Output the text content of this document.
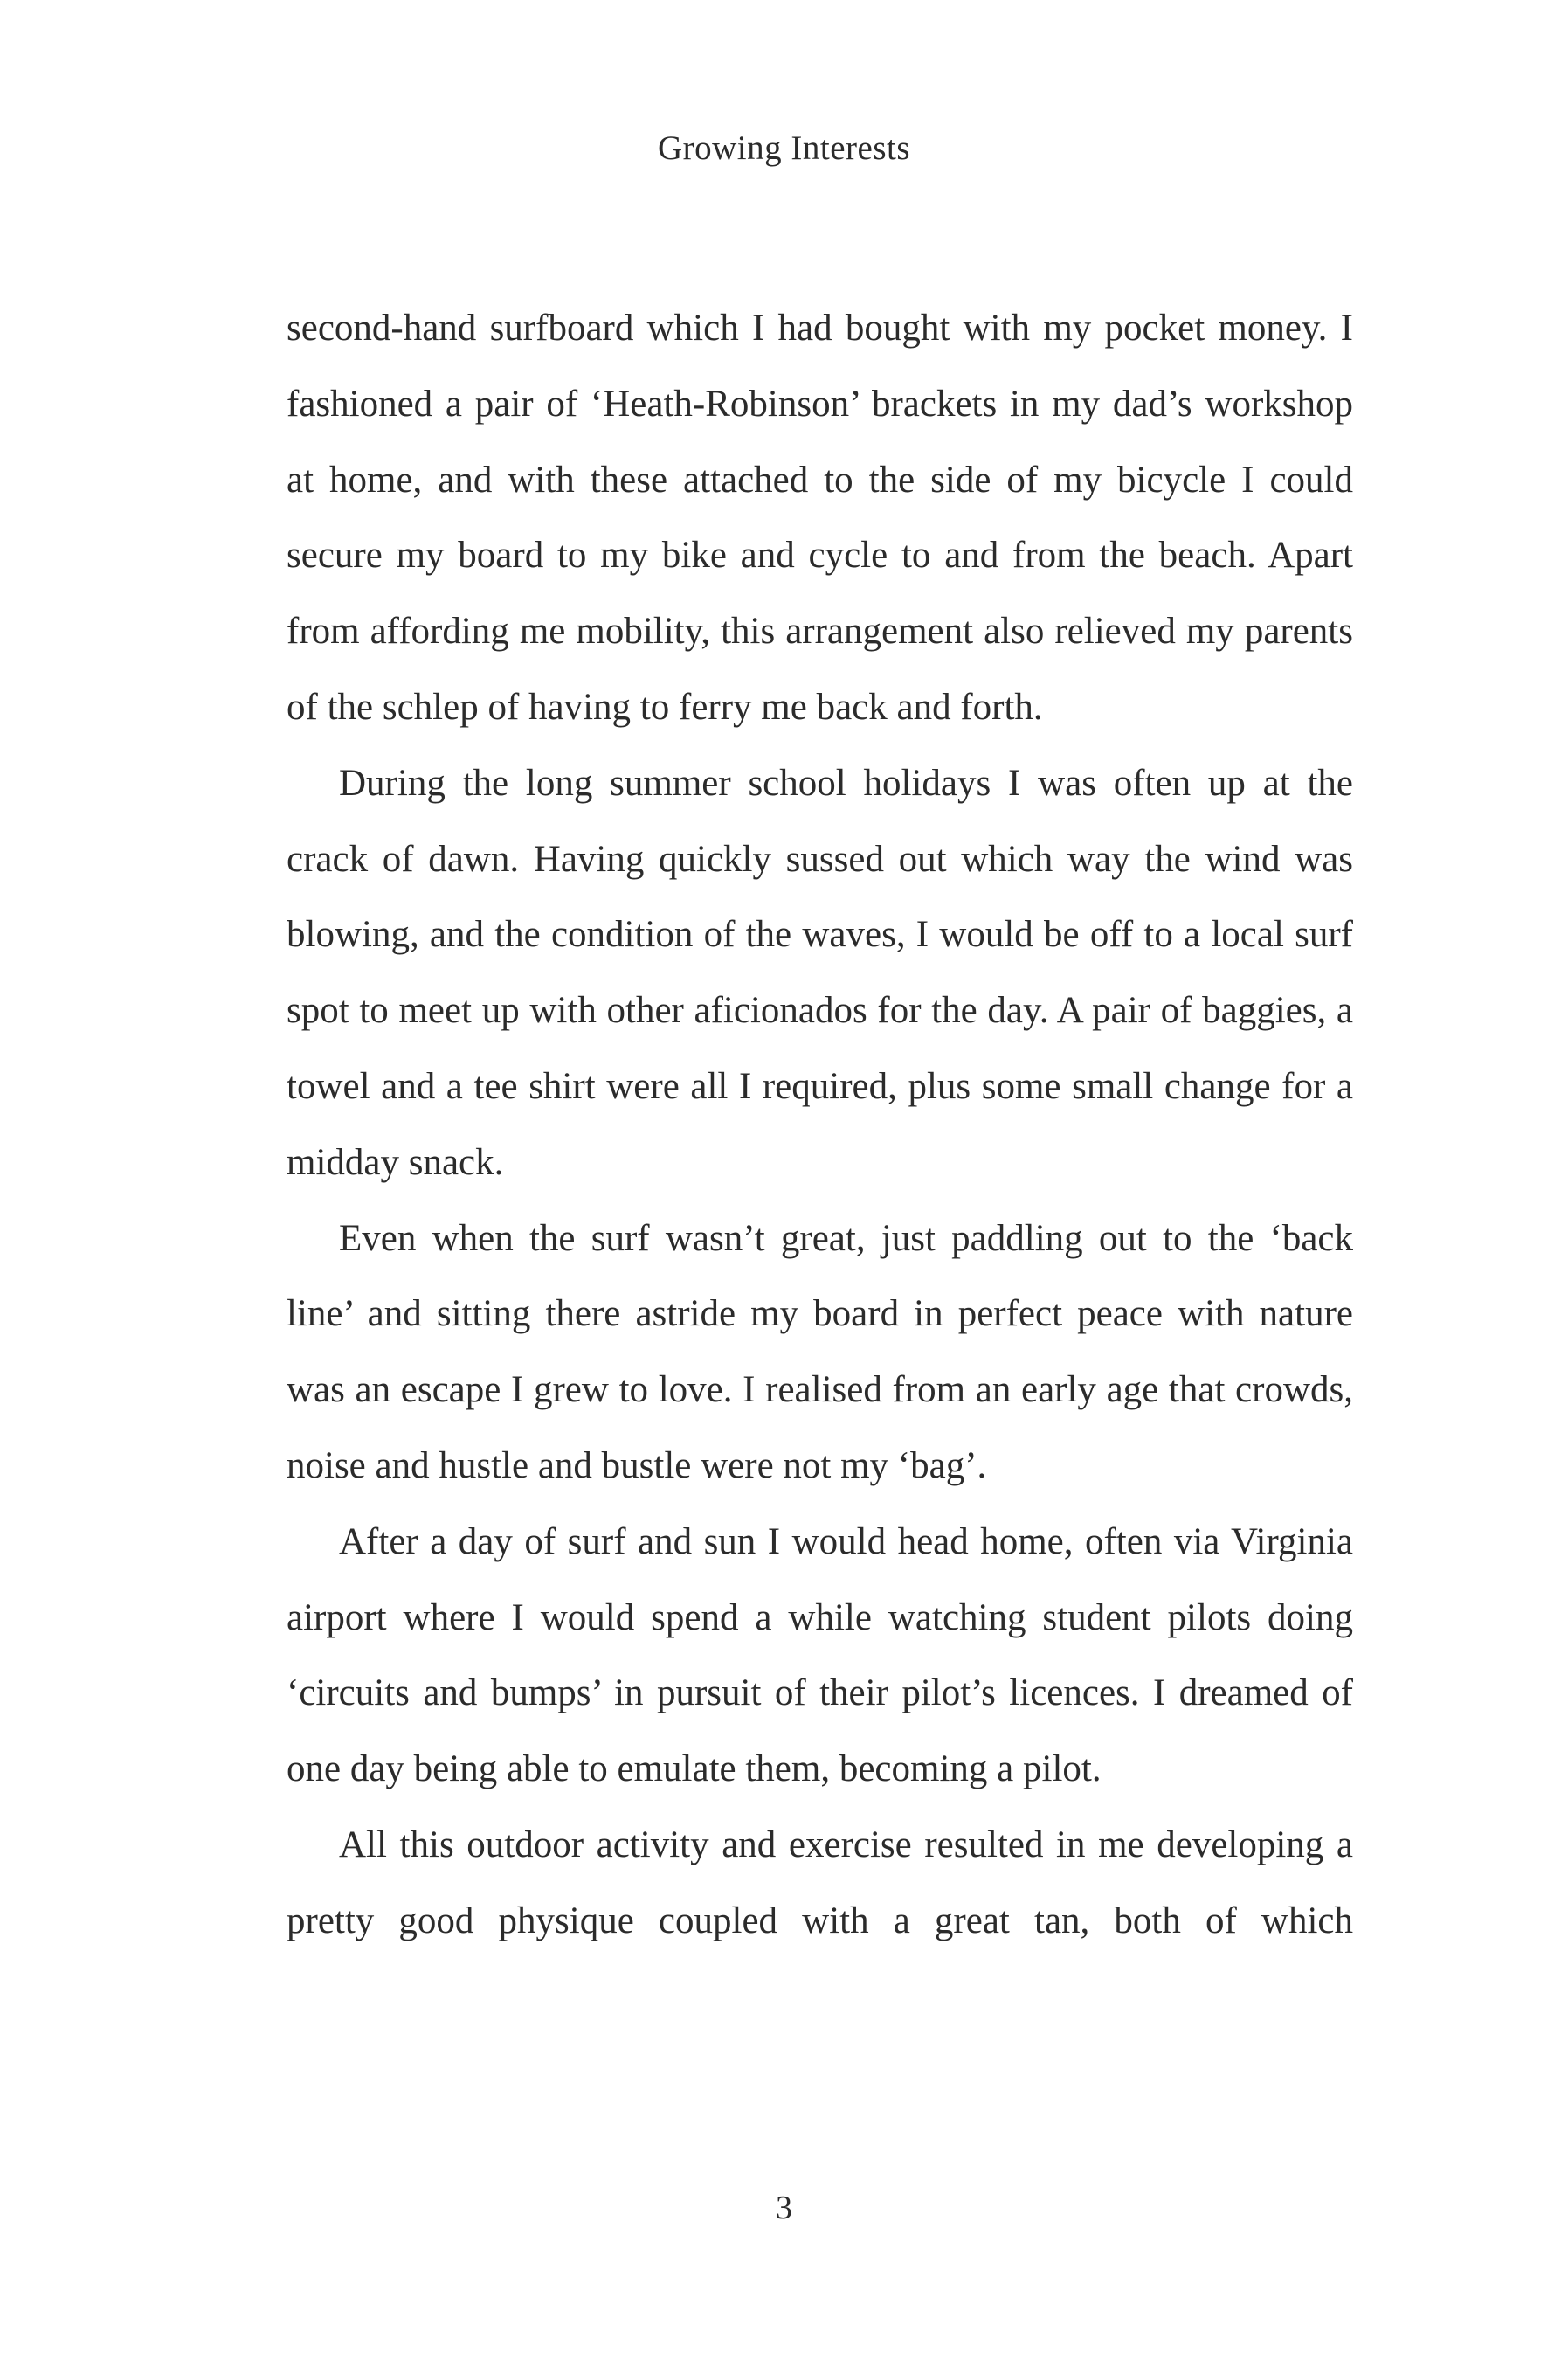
Growing Interests

second-hand surfboard which I had bought with my pocket money. I fashioned a pair of ‘Heath-Robinson’ brackets in my dad’s workshop at home, and with these attached to the side of my bicycle I could secure my board to my bike and cycle to and from the beach. Apart from affording me mobility, this arrangement also relieved my parents of the schlep of having to ferry me back and forth.

During the long summer school holidays I was often up at the crack of dawn. Having quickly sussed out which way the wind was blowing, and the condition of the waves, I would be off to a local surf spot to meet up with other aficionados for the day. A pair of baggies, a towel and a tee shirt were all I required, plus some small change for a midday snack.

Even when the surf wasn’t great, just paddling out to the ‘back line’ and sitting there astride my board in perfect peace with nature was an escape I grew to love. I realised from an early age that crowds, noise and hustle and bustle were not my ‘bag’.

After a day of surf and sun I would head home, often via Virginia airport where I would spend a while watching student pilots doing ‘circuits and bumps’ in pursuit of their pilot’s licences. I dreamed of one day being able to emulate them, becoming a pilot.

All this outdoor activity and exercise resulted in me developing a pretty good physique coupled with a great tan, both of which

3
